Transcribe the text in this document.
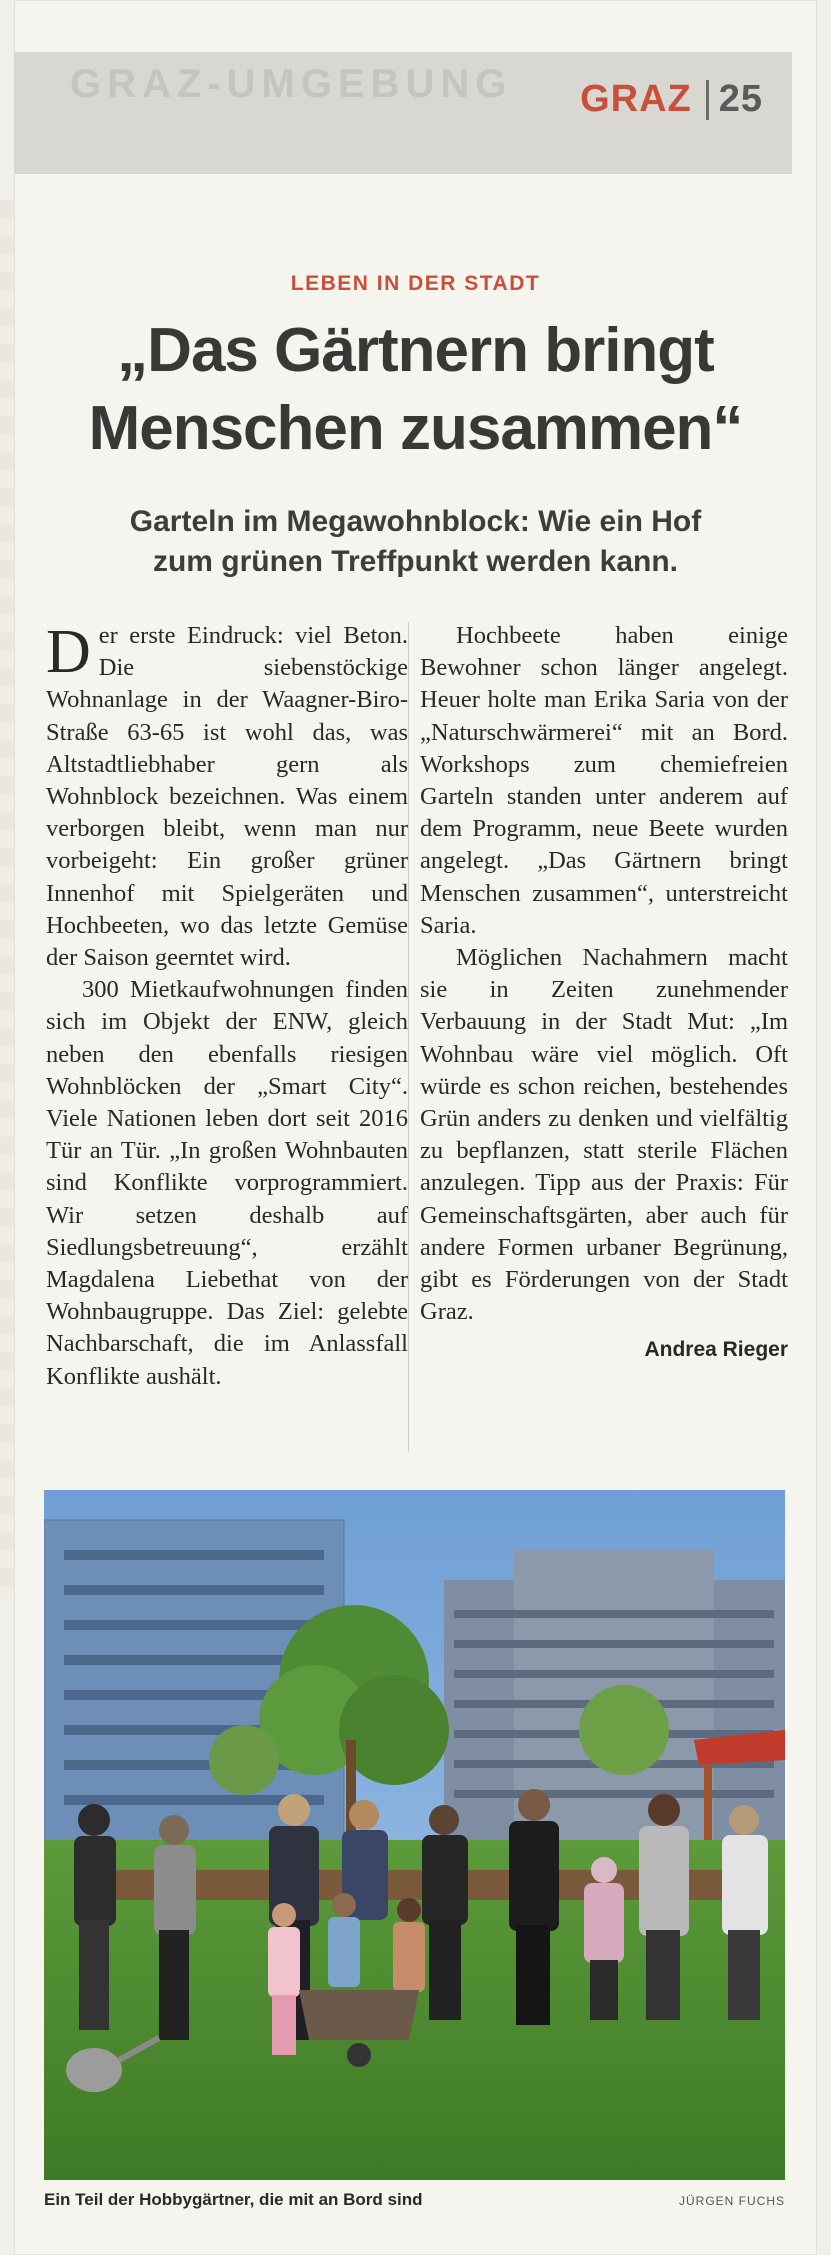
GRAZ-UMGEBUNG GRAZ 25
LEBEN IN DER STADT
„Das Gärtnern bringt
Menschen zusammen“
Garteln im Megawohnblock: Wie ein Hof
zum grünen Treffpunkt werden kann.

Der erste Eindruck: viel Beton. Die siebenstöckige Wohnanlage in der Waagner-Biro-Straße 63-65 ist wohl das, was Altstadtliebhaber gern als Wohnblock bezeichnen. Was einem verborgen bleibt, wenn man nur vorbeigeht: Ein großer grüner Innenhof mit Spielgeräten und Hochbeeten, wo das letzte Gemüse der Saison geerntet wird.

300 Mietkaufwohnungen finden sich im Objekt der ENW, gleich neben den ebenfalls riesigen Wohnblöcken der „Smart City“. Viele Nationen leben dort seit 2016 Tür an Tür. „In großen Wohnbauten sind Konflikte vorprogrammiert. Wir setzen deshalb auf Siedlungsbetreuung“, erzählt Magdalena Liebethat von der Wohnbaugruppe. Das Ziel: gelebte Nachbarschaft, die im Anlassfall Konflikte aushält.

Hochbeete haben einige Bewohner schon länger angelegt. Heuer holte man Erika Saria von der „Naturschwärmerei“ mit an Bord. Workshops zum chemiefreien Garteln standen unter anderem auf dem Programm, neue Beete wurden angelegt. „Das Gärtnern bringt Menschen zusammen“, unterstreicht Saria.

Möglichen Nachahmern macht sie in Zeiten zunehmender Verbauung in der Stadt Mut: „Im Wohnbau wäre viel möglich. Oft würde es schon reichen, bestehendes Grün anders zu denken und vielfältig zu bepflanzen, statt sterile Flächen anzulegen. Tipp aus der Praxis: Für Gemeinschaftsgärten, aber auch für andere Formen urbaner Begrünung, gibt es Förderungen von der Stadt Graz.

Andrea Rieger
Ein Teil der Hobbygärtner, die mit an Bord sind	JÜRGEN FUCHS
